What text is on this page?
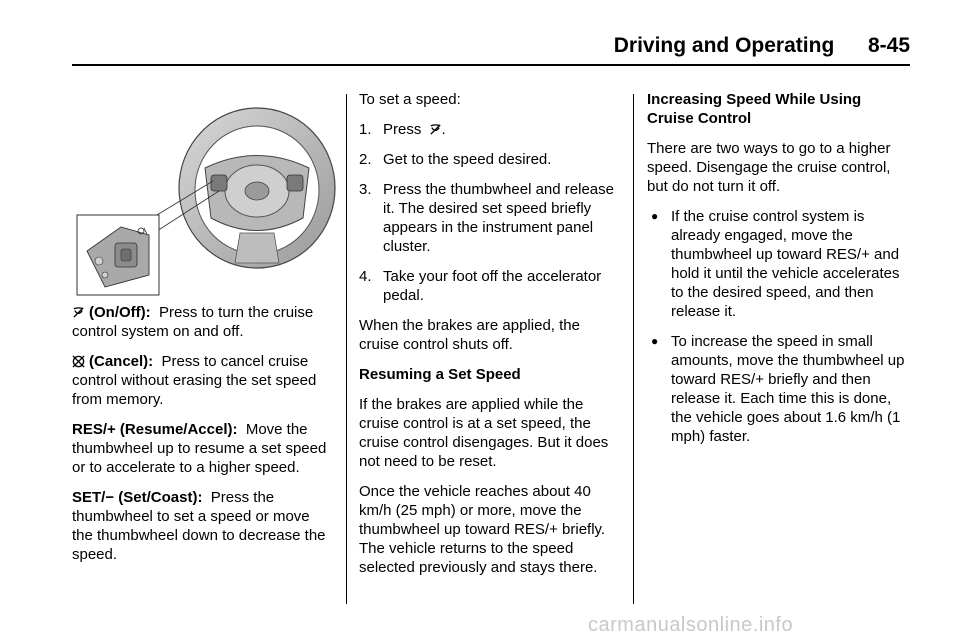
Driving and Operating 8-45

(On/Off): Press to turn the cruise control system on and off.

(Cancel): Press to cancel cruise control without erasing the set speed from memory.

RES/+ (Resume/Accel): Move the thumbwheel up to resume a set speed or to accelerate to a higher speed.

SET/− (Set/Coast): Press the thumbwheel to set a speed or move the thumbwheel down to decrease the speed.

To set a speed:

1. Press .
2. Get to the speed desired.
3. Press the thumbwheel and release it. The desired set speed briefly appears in the instrument panel cluster.
4. Take your foot off the accelerator pedal.

When the brakes are applied, the cruise control shuts off.

Resuming a Set Speed

If the brakes are applied while the cruise control is at a set speed, the cruise control disengages. But it does not need to be reset.

Once the vehicle reaches about 40 km/h (25 mph) or more, move the thumbwheel up toward RES/+ briefly. The vehicle returns to the speed selected previously and stays there.

Increasing Speed While Using Cruise Control

There are two ways to go to a higher speed. Disengage the cruise control, but do not turn it off.

● If the cruise control system is already engaged, move the thumbwheel up toward RES/+ and hold it until the vehicle accelerates to the desired speed, and then release it.
● To increase the speed in small amounts, move the thumbwheel up toward RES/+ briefly and then release it. Each time this is done, the vehicle goes about 1.6 km/h (1 mph) faster.
carmanualsonline.info
